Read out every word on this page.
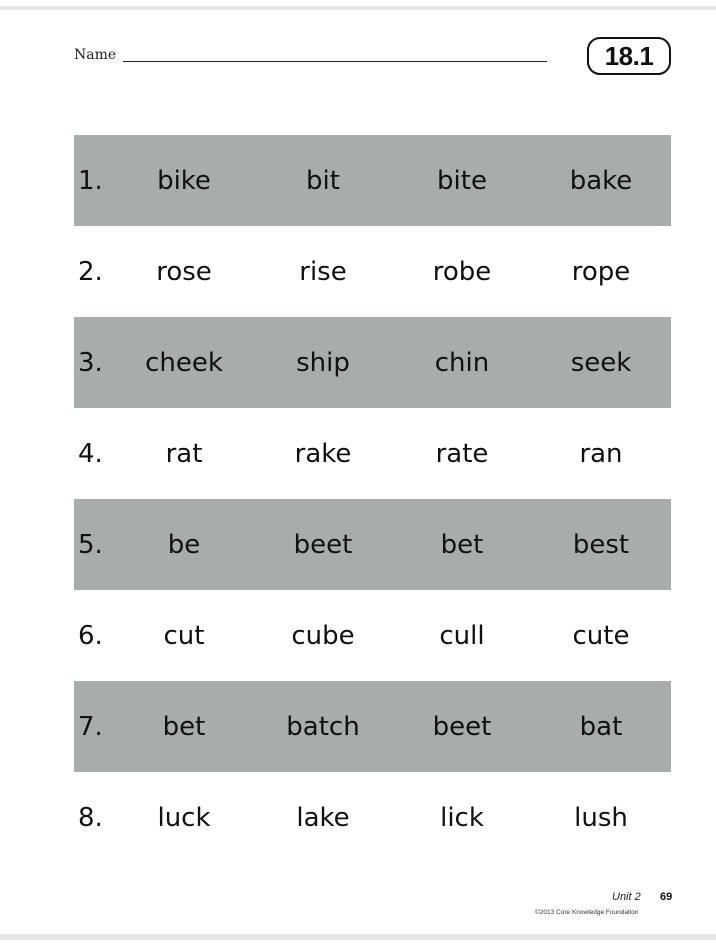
Name	18.1
1.	bike	bit	bite	bake
2.	rose	rise	robe	rope
3.	cheek	ship	chin	seek
4.	rat	rake	rate	ran
5.	be	beet	bet	best
6.	cut	cube	cull	cute
7.	bet	batch	beet	bat
8.	luck	lake	lick	lush
Unit 2 69
©2013 Core Knowledge Foundation
